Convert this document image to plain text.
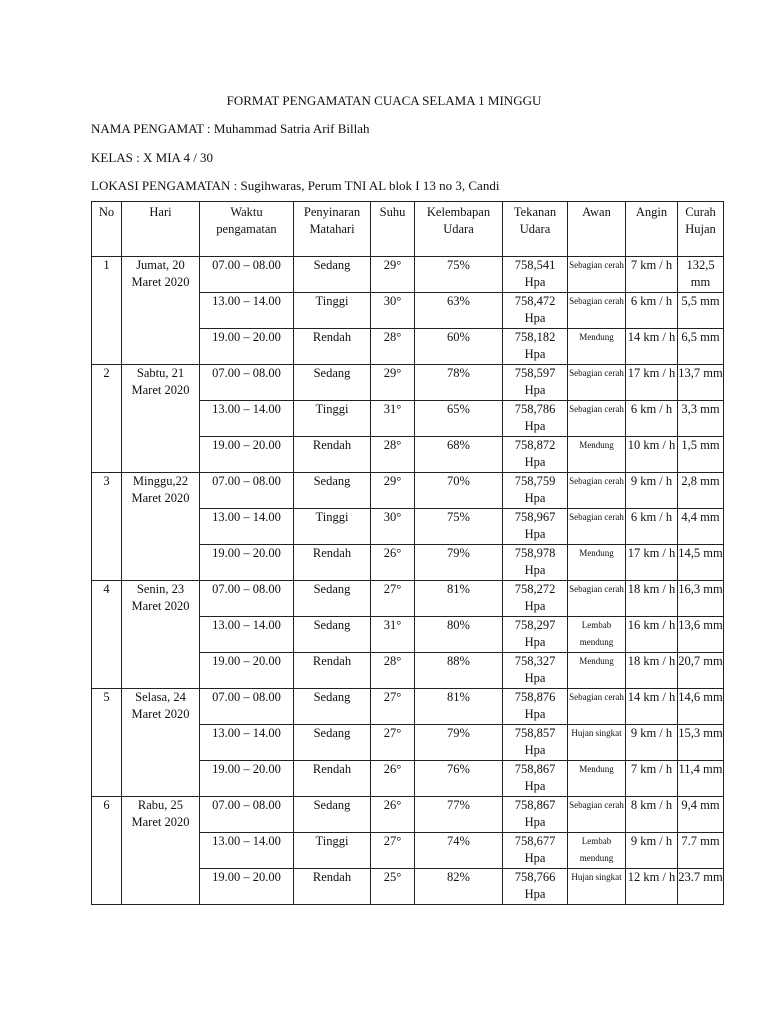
FORMAT PENGAMATAN CUACA SELAMA 1 MINGGU
NAMA PENGAMAT : Muhammad Satria Arif Billah
KELAS : X MIA 4 / 30
LOKASI PENGAMATAN : Sugihwaras, Perum TNI AL blok I 13 no 3, Candi
No	Hari	Waktu pengamatan	Penyinaran Matahari	Suhu	Kelembapan Udara	Tekanan Udara	Awan	Angin	Curah Hujan
1	Jumat, 20 Maret 2020	07.00 – 08.00	Sedang	29°	75%	758,541 Hpa	Sebagian cerah	7 km / h	132,5 mm
		13.00 – 14.00	Tinggi	30°	63%	758,472 Hpa	Sebagian cerah	6 km / h	5,5 mm
		19.00 – 20.00	Rendah	28°	60%	758,182 Hpa	Mendung	14 km / h	6,5 mm
2	Sabtu, 21 Maret 2020	07.00 – 08.00	Sedang	29°	78%	758,597 Hpa	Sebagian cerah	17 km / h	13,7 mm
		13.00 – 14.00	Tinggi	31°	65%	758,786 Hpa	Sebagian cerah	6 km / h	3,3 mm
		19.00 – 20.00	Rendah	28°	68%	758,872 Hpa	Mendung	10 km / h	1,5 mm
3	Minggu,22 Maret 2020	07.00 – 08.00	Sedang	29°	70%	758,759 Hpa	Sebagian cerah	9 km / h	2,8 mm
		13.00 – 14.00	Tinggi	30°	75%	758,967 Hpa	Sebagian cerah	6 km / h	4,4 mm
		19.00 – 20.00	Rendah	26°	79%	758,978 Hpa	Mendung	17 km / h	14,5 mm
4	Senin, 23 Maret 2020	07.00 – 08.00	Sedang	27°	81%	758,272 Hpa	Sebagian cerah	18 km / h	16,3 mm
		13.00 – 14.00	Sedang	31°	80%	758,297 Hpa	Lembab mendung	16 km / h	13,6 mm
		19.00 – 20.00	Rendah	28°	88%	758,327 Hpa	Mendung	18 km / h	20,7 mm
5	Selasa, 24 Maret 2020	07.00 – 08.00	Sedang	27°	81%	758,876 Hpa	Sebagian cerah	14 km / h	14,6 mm
		13.00 – 14.00	Sedang	27°	79%	758,857 Hpa	Hujan singkat	9 km / h	15,3 mm
		19.00 – 20.00	Rendah	26°	76%	758,867 Hpa	Mendung	7 km / h	11,4 mm
6	Rabu, 25 Maret 2020	07.00 – 08.00	Sedang	26°	77%	758,867 Hpa	Sebagian cerah	8 km / h	9,4 mm
		13.00 – 14.00	Tinggi	27°	74%	758,677 Hpa	Lembab mendung	9 km / h	7.7 mm
		19.00 – 20.00	Rendah	25°	82%	758,766 Hpa	Hujan singkat	12 km / h	23.7 mm
